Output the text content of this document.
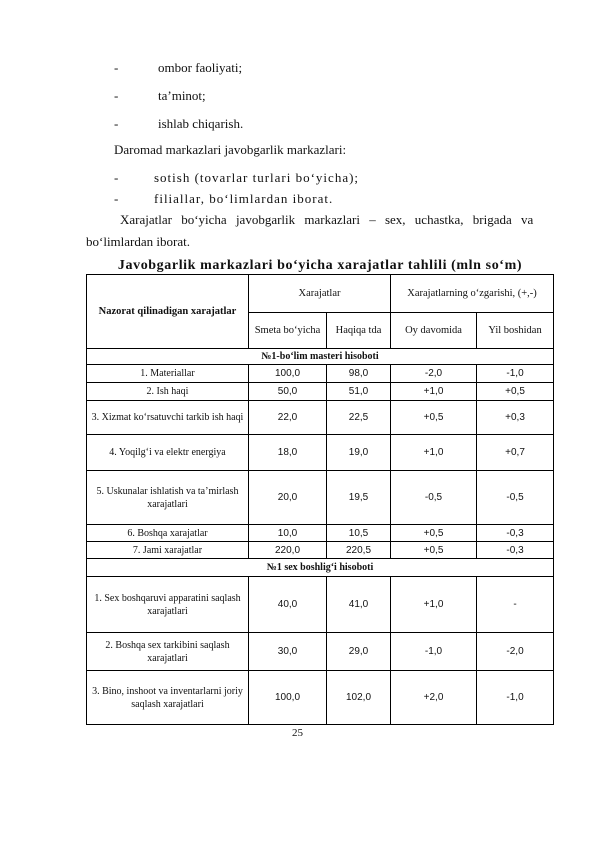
-	ombor faoliyati;
-	ta’minot;
-	ishlab chiqarish.
Daromad markazlari javobgarlik markazlari:
-	sotish (tovarlar turlari bo‘yicha);
-	filiallar, bo‘limlardan iborat.
Xarajatlar bo‘yicha javobgarlik markazlari – sex, uchastka, brigada va
bo‘limlardan iborat.
Javobgarlik markazlari bo‘yicha xarajatlar tahlili (mln so‘m)
Nazorat qilinadigan xarajatlar	Xarajatlar		Xarajatlarning o‘zgarishi, (+,-)	
	Smeta bo‘yicha	Haqiqa tda	Oy davomida	Yil boshidan
№1-bo‘lim masteri hisoboti				
1. Materiallar	100,0	98,0	-2,0	-1,0
2. Ish haqi	50,0	51,0	+1,0	+0,5
3. Xizmat ko‘rsatuvchi tarkib ish haqi	22,0	22,5	+0,5	+0,3
4. Yoqilg‘i va elektr energiya	18,0	19,0	+1,0	+0,7
5. Uskunalar ishlatish va ta’mirlash xarajatlari	20,0	19,5	-0,5	-0,5
6. Boshqa xarajatlar	10,0	10,5	+0,5	-0,3
7. Jami xarajatlar	220,0	220,5	+0,5	-0,3
№1 sex boshlig‘i hisoboti				
1. Sex boshqaruvi apparatini saqlash xarajatlari	40,0	41,0	+1,0	-
2. Boshqa sex tarkibini saqlash xarajatlari	30,0	29,0	-1,0	-2,0
3. Bino, inshoot va inventarlarni joriy saqlash xarajatlari	100,0	102,0	+2,0	-1,0
25
